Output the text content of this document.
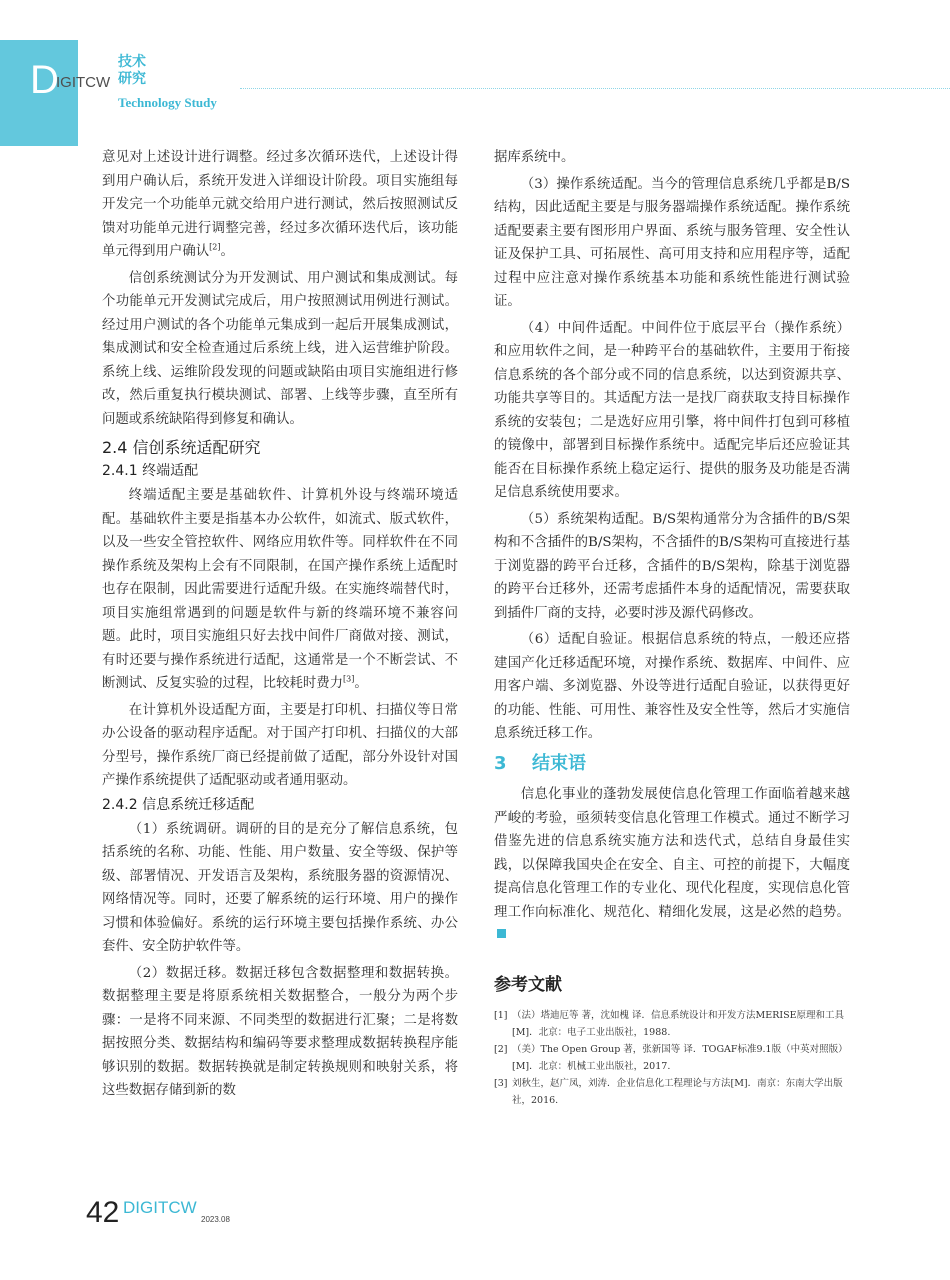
D
IGITCW
技术
研究
Technology Study

意见对上述设计进行调整。经过多次循环迭代，上述设计得到用户确认后，系统开发进入详细设计阶段。项目实施组每开发完一个功能单元就交给用户进行测试，然后按照测试反馈对功能单元进行调整完善，经过多次循环迭代后，该功能单元得到用户确认[2]。

信创系统测试分为开发测试、用户测试和集成测试。每个功能单元开发测试完成后，用户按照测试用例进行测试。经过用户测试的各个功能单元集成到一起后开展集成测试，集成测试和安全检查通过后系统上线，进入运营维护阶段。系统上线、运维阶段发现的问题或缺陷由项目实施组进行修改，然后重复执行模块测试、部署、上线等步骤，直至所有问题或系统缺陷得到修复和确认。

2.4 信创系统适配研究
2.4.1 终端适配

终端适配主要是基础软件、计算机外设与终端环境适配。基础软件主要是指基本办公软件，如流式、版式软件，以及一些安全管控软件、网络应用软件等。同样软件在不同操作系统及架构上会有不同限制，在国产操作系统上适配时也存在限制，因此需要进行适配升级。在实施终端替代时，项目实施组常遇到的问题是软件与新的终端环境不兼容问题。此时，项目实施组只好去找中间件厂商做对接、测试，有时还要与操作系统进行适配，这通常是一个不断尝试、不断测试、反复实验的过程，比较耗时费力[3]。

在计算机外设适配方面，主要是打印机、扫描仪等日常办公设备的驱动程序适配。对于国产打印机、扫描仪的大部分型号，操作系统厂商已经提前做了适配，部分外设针对国产操作系统提供了适配驱动或者通用驱动。

2.4.2 信息系统迁移适配

（1）系统调研。调研的目的是充分了解信息系统，包括系统的名称、功能、性能、用户数量、安全等级、保护等级、部署情况、开发语言及架构，系统服务器的资源情况、网络情况等。同时，还要了解系统的运行环境、用户的操作习惯和体验偏好。系统的运行环境主要包括操作系统、办公套件、安全防护软件等。

（2）数据迁移。数据迁移包含数据整理和数据转换。数据整理主要是将原系统相关数据整合，一般分为两个步骤：一是将不同来源、不同类型的数据进行汇聚；二是将数据按照分类、数据结构和编码等要求整理成数据转换程序能够识别的数据。数据转换就是制定转换规则和映射关系，将这些数据存储到新的数

据库系统中。

（3）操作系统适配。当今的管理信息系统几乎都是B/S结构，因此适配主要是与服务器端操作系统适配。操作系统适配要素主要有图形用户界面、系统与服务管理、安全性认证及保护工具、可拓展性、高可用支持和应用程序等，适配过程中应注意对操作系统基本功能和系统性能进行测试验证。

（4）中间件适配。中间件位于底层平台（操作系统）和应用软件之间，是一种跨平台的基础软件，主要用于衔接信息系统的各个部分或不同的信息系统，以达到资源共享、功能共享等目的。其适配方法一是找厂商获取支持目标操作系统的安装包；二是选好应用引擎，将中间件打包到可移植的镜像中，部署到目标操作系统中。适配完毕后还应验证其能否在目标操作系统上稳定运行、提供的服务及功能是否满足信息系统使用要求。

（5）系统架构适配。B/S架构通常分为含插件的B/S架构和不含插件的B/S架构，不含插件的B/S架构可直接进行基于浏览器的跨平台迁移，含插件的B/S架构，除基于浏览器的跨平台迁移外，还需考虑插件本身的适配情况，需要获取到插件厂商的支持，必要时涉及源代码修改。

（6）适配自验证。根据信息系统的特点，一般还应搭建国产化迁移适配环境，对操作系统、数据库、中间件、应用客户端、多浏览器、外设等进行适配自验证，以获得更好的功能、性能、可用性、兼容性及安全性等，然后才实施信息系统迁移工作。

3	结束语

信息化事业的蓬勃发展使信息化管理工作面临着越来越严峻的考验，亟须转变信息化管理工作模式。通过不断学习借鉴先进的信息系统实施方法和迭代式，总结自身最佳实践，以保障我国央企在安全、自主、可控的前提下，大幅度提高信息化管理工作的专业化、现代化程度，实现信息化管理工作向标准化、规范化、精细化发展，这是必然的趋势。

参考文献
[1] （法）塔迪厄等 著，沈如槐 译．信息系统设计和开发方法MERISE原理和工具[M]．北京：电子工业出版社，1988.
[2] （美）The Open Group 著，张新国等 译．TOGAF标准9.1版（中英对照版）[M]．北京：机械工业出版社，2017.
[3] 刘秋生，赵广凤，刘涛．企业信息化工程理论与方法[M]．南京：东南大学出版社，2016.
42 DIGITCW
2023.08
